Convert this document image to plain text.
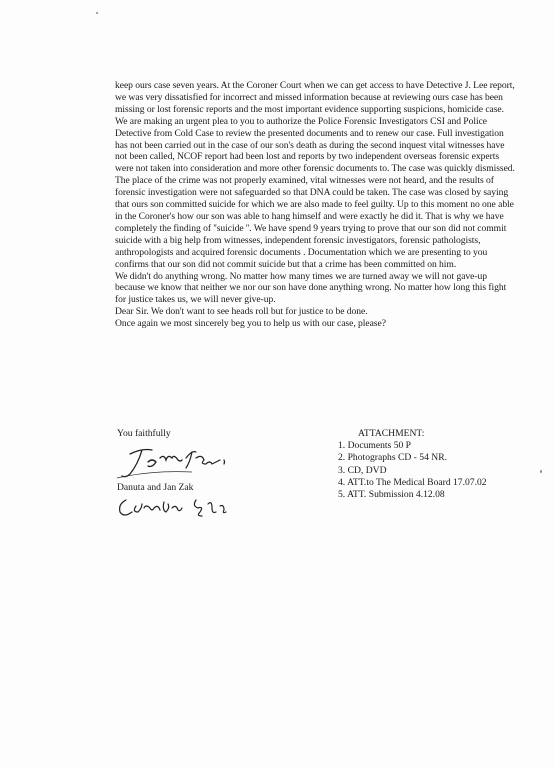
keep ours case seven years. At the Coroner Court when we can get access to have Detective J. Lee report, we was very dissatisfied for incorrect and missed information because at reviewing ours case has been missing or lost forensic reports and the most important evidence supporting suspicions, homicide case.

We are making an urgent plea to you to authorize the Police Forensic Investigators CSI and Police Detective from Cold Case to review the presented documents and to renew our case. Full investigation has not been carried out in the case of our son's death as during the second inquest vital witnesses have not been called, NCOF report had been lost and reports by two independent overseas forensic experts were not taken into consideration and more other forensic documents to. The case was quickly dismissed. The place of the crime was not properly examined, vital witnesses were not heard, and the results of forensic investigation were not safeguarded so that DNA could be taken. The case was closed by saying that ours son committed suicide for which we are also made to feel guilty. Up to this moment no one able in the Coroner's how our son was able to hang himself and were exactly he did it. That is why we have completely the finding of ''suicide ''. We have spend 9 years trying to prove that our son did not commit suicide with a big help from witnesses, independent forensic investigators, forensic pathologists, anthropologists and acquired forensic documents . Documentation which we are presenting to you confirms that our son did not commit suicide but that a crime has been committed on him.

We didn't do anything wrong. No matter how many times we are turned away we will not gave-up because we know that neither we nor our son have done anything wrong. No matter how long this fight for justice takes us, we will never give-up.

Dear Sir. We don't want to see heads roll but for justice to be done.

Once again we most sincerely beg you to help us with our case, please?

You faithfully
Danuta and Jan Zak
ATTACHMENT:
1. Documents 50 P
2. Photographs CD - 54 NR.
3. CD, DVD
4. ATT.to The Medical Board 17.07.02
5. ATT. Submission 4.12.08
